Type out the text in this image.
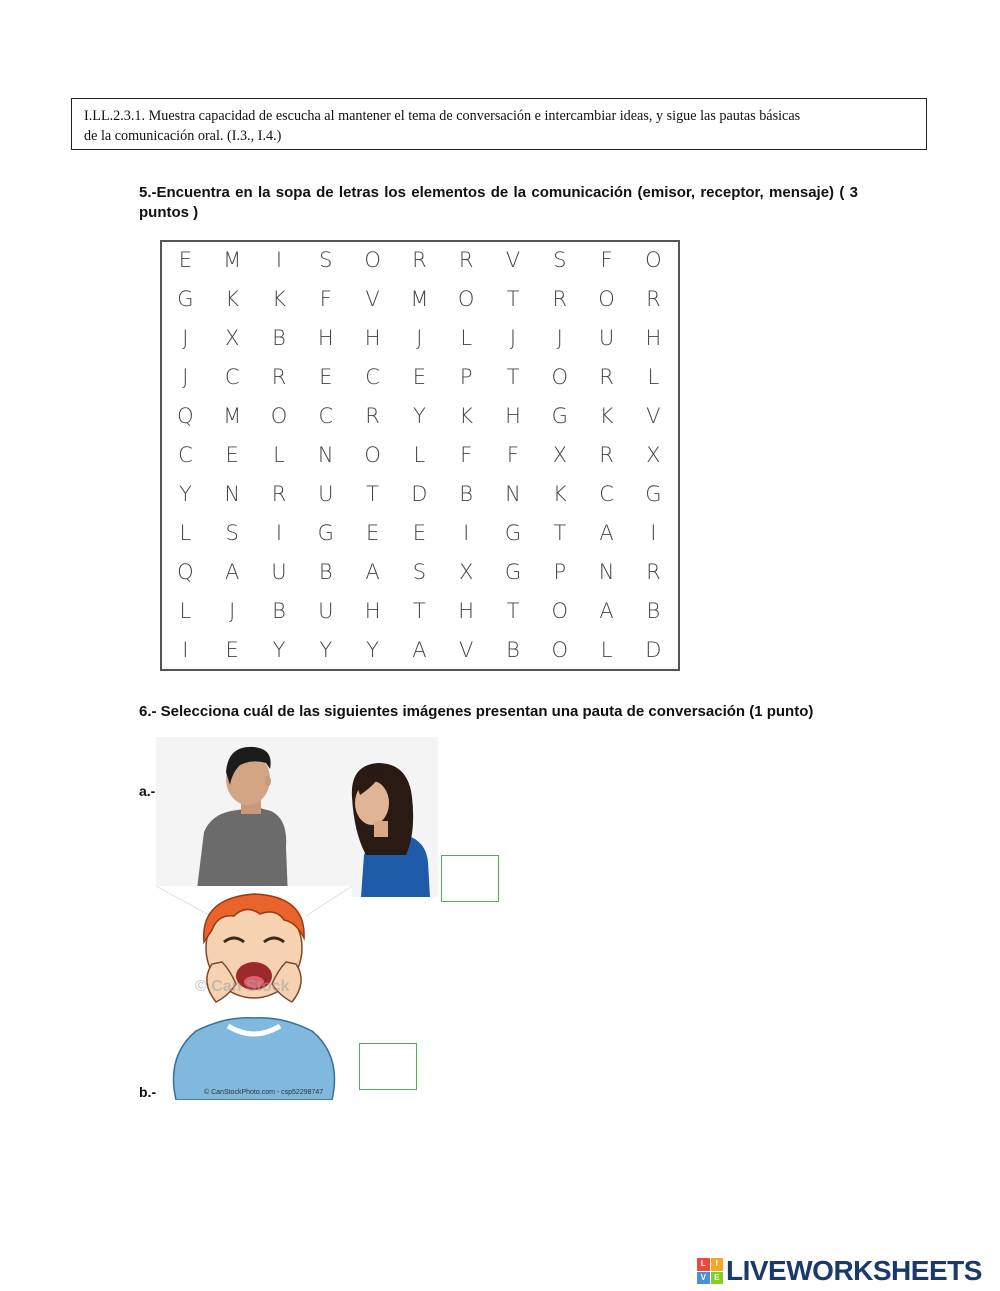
I.LL.2.3.1. Muestra capacidad de escucha al mantener el tema de conversación e intercambiar ideas, y sigue las pautas básicas
de la comunicación oral. (I.3., I.4.)
5.-Encuentra en la sopa de letras los elementos de la comunicación (emisor, receptor, mensaje) ( 3 puntos )
E	M	I	S	O	R	R	V	S	F	O
G	K	K	F	V	M	O	T	R	O	R
J	X	B	H	H	J	L	J	J	U	H
J	C	R	E	C	E	P	T	O	R	L
Q	M	O	C	R	Y	K	H	G	K	V
C	E	L	N	O	L	F	F	X	R	X
Y	N	R	U	T	D	B	N	K	C	G
L	S	I	G	E	E	I	G	T	A	I
Q	A	U	B	A	S	X	G	P	N	R
L	J	B	U	H	T	H	T	O	A	B
I	E	Y	Y	Y	A	V	B	O	L	D
6.- Selecciona cuál de las siguientes imágenes presentan una pauta de conversación (1 punto)
a.-
© Can Stock
© CanStockPhoto.com - csp52298747
b.-
L	I
V	E LIVEWORKSHEETS
